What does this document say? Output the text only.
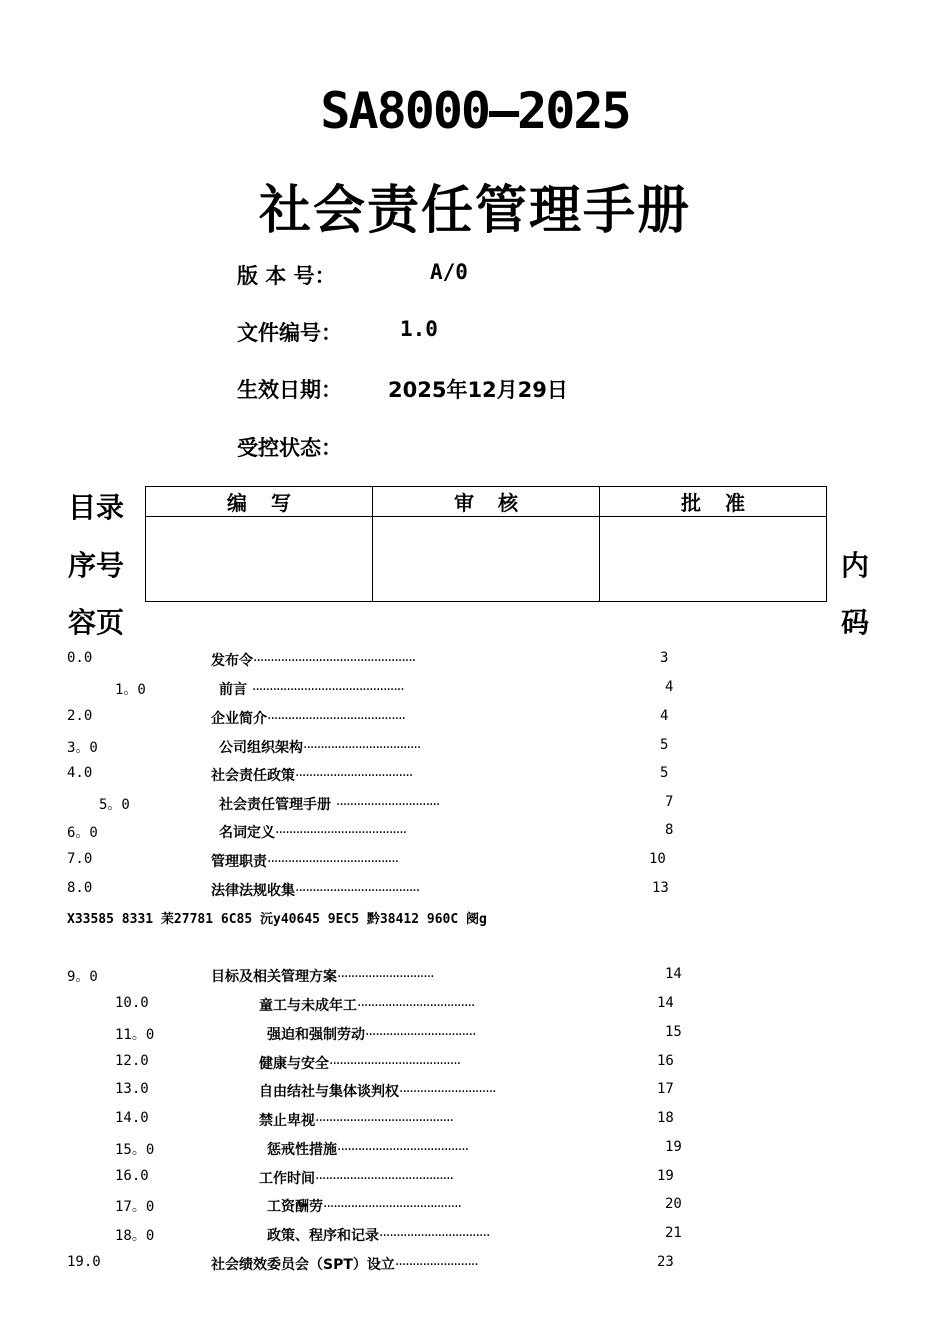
SA8000—2025
社会责任管理手册
版 本 号：	A/0
文件编号：	1.0
生效日期： 2025年12月29日
受控状态：
目录
序号
容页
内
码
编写	审核	批准

0.0	发布令···············································	3
1。0	前言 ············································	4
2.0	企业简介········································	4
3。0	公司组织架构··································	5
4.0	社会责任政策··································	5
5。0	社会责任管理手册 ······························	7
6。0	名词定义······································	8
7.0	管理职责······································	10
8.0	法律法规收集····································	13
9。0	目标及相关管理方案····························	14
10.0	童工与未成年工··································	14
11。0	强迫和强制劳动································	15
12.0	健康与安全······································	16
13.0	自由结社与集体谈判权····························	17
14.0	禁止卑视········································	18
15。0	惩戒性措施······································	19
16.0	工作时间········································	19
17。0	工资酬劳········································	20
18。0	政策、程序和记录································	21
19.0	社会绩效委员会（SPT）设立························	23
X33585 8331 苿27781 6C85 沅y40645 9EC5 黔38412 960C 阌g
